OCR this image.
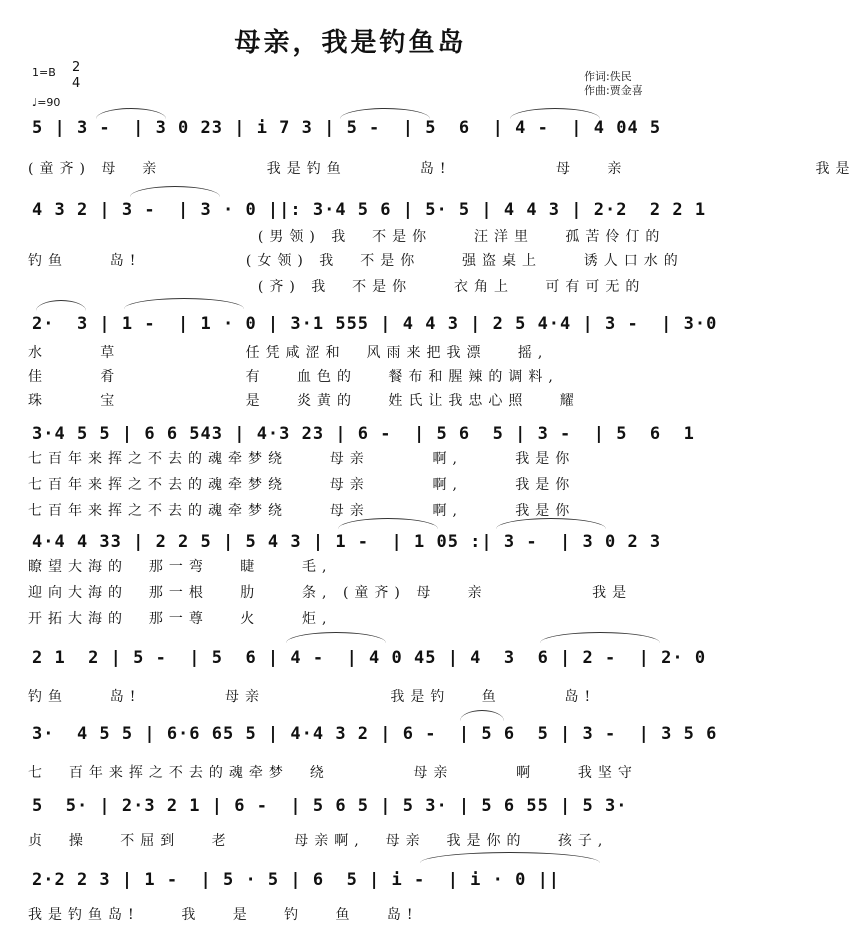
母亲，我是钓鱼岛
1=B 2
4
♩=90
作词:佚民
作曲:贾金喜
5 | 3 -  | 3 0 23 | i 7 3 | 5 -  | 5  6  | 4 -  | 4 04 5
(童齐) 母  亲          我是钓鱼       岛!          母   亲                  我是
4 3 2 | 3 -  | 3 · 0 ||: 3·4 5 6 | 5· 5 | 4 4 3 | 2·2  2 2 1
(男领) 我  不是你    汪洋里   孤苦伶仃的
钓鱼    岛!          (女领) 我  不是你    强盗桌上    诱人口水的
(齐) 我  不是你    衣角上   可有可无的
2·  3 | 1 -  | 1 · 0 | 3·1 555 | 4 4 3 | 2 5 4·4 | 3 -  | 3·0
水     草            任凭咸涩和  风雨来把我漂   摇,
佳     肴            有   血色的   餐布和腥辣的调料,
珠     宝            是   炎黄的   姓氏让我忠心照   耀
3·4 5 5 | 6 6 543 | 4·3 23 | 6 -  | 5 6  5 | 3 -  | 5  6  1
七百年来挥之不去的魂牵梦绕    母亲      啊,     我是你
七百年来挥之不去的魂牵梦绕    母亲      啊,     我是你
七百年来挥之不去的魂牵梦绕    母亲      啊,     我是你
4·4 4 33 | 2 2 5 | 5 4 3 | 1 -  | 1 05 :| 3 -  | 3 0 2 3
瞭望大海的  那一弯   睫    毛,
迎向大海的  那一根   肋    条, (童齐) 母   亲          我是
开拓大海的  那一尊   火    炬,
2 1  2 | 5 -  | 5  6 | 4 -  | 4 0 45 | 4  3  6 | 2 -  | 2· 0
钓鱼    岛!        母亲            我是钓   鱼      岛!
3·  4 5 5 | 6·6 65 5 | 4·4 3 2 | 6 -  | 5 6  5 | 3 -  | 3 5 6
七  百年来挥之不去的魂牵梦  绕        母亲      啊    我坚守
5  5· | 2·3 2 1 | 6 -  | 5 6 5 | 5 3· | 5 6 55 | 5 3·
贞  操   不屈到   老      母亲啊,  母亲  我是你的   孩子,
2·2 2 3 | 1 -  | 5 · 5 | 6  5 | i -  | i · 0 ||
我是钓鱼岛!    我   是   钓   鱼   岛!
